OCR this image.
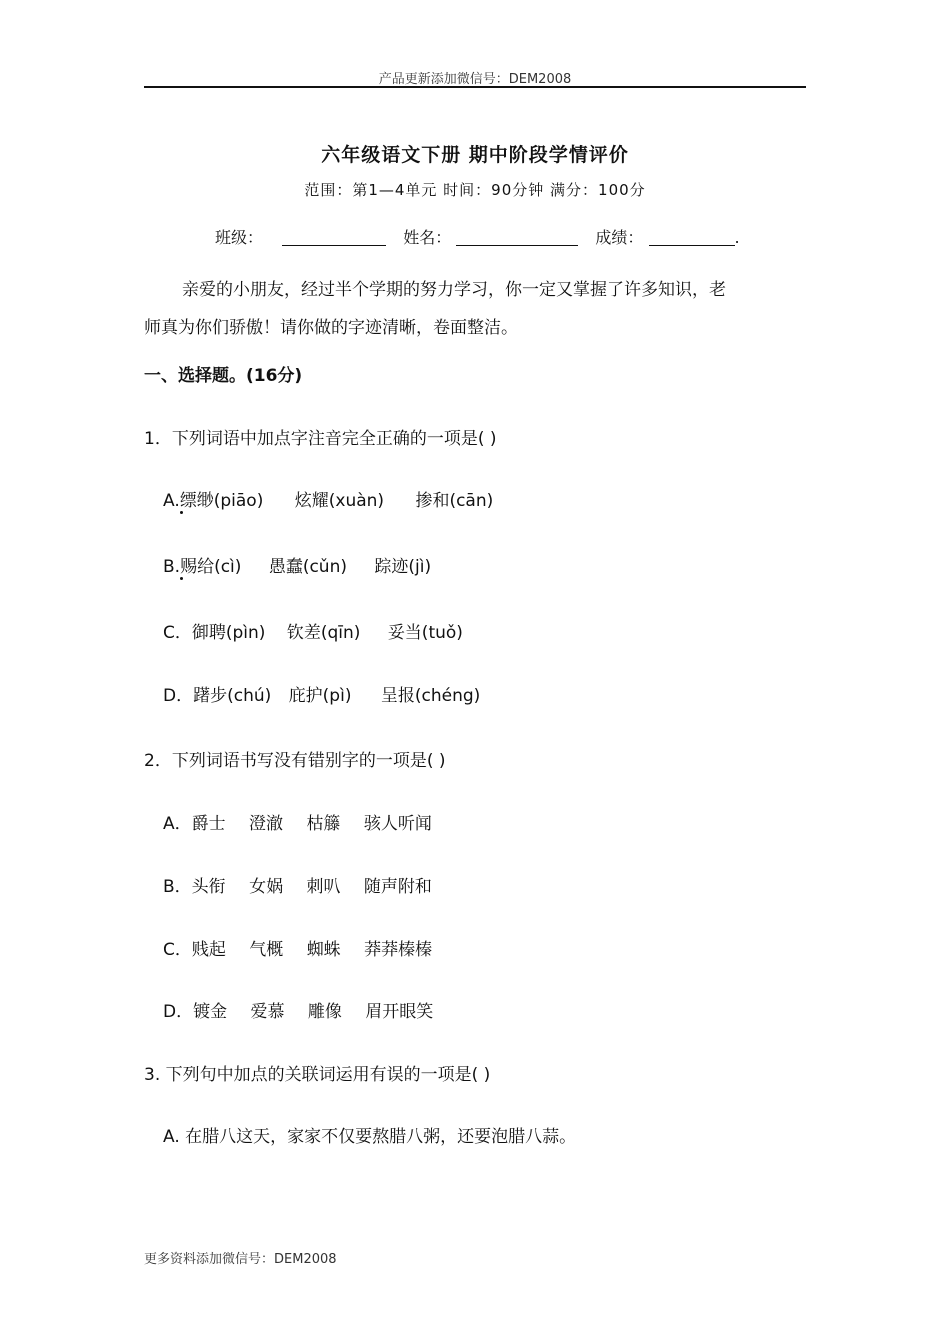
产品更新添加微信号：DEM2008
六年级语文下册 期中阶段学情评价
范围：第1—4单元 时间：90分钟 满分：100分
班级：	姓名：	成绩：	.
亲爱的小朋友，经过半个学期的努力学习，你一定又掌握了许多知识，老
师真为你们骄傲！请你做的字迹清晰，卷面整洁。
一、选择题。(16分)
1．下列词语中加点字注音完全正确的一项是( )
A.缥缈(piāo) 炫耀(xuàn) 掺和(cān)
B.赐给(cì) 愚蠢(cǔn) 踪迹(jì)
C．御聘(pìn) 钦差(qīn) 妥当(tuǒ)
D．躇步(chú) 庇护(pì) 呈报(chéng)
2．下列词语书写没有错别字的一项是( )
A．爵士 澄澈 枯籐 骇人听闻
B．头衔 女娲 刺叭 随声附和
C．贱起 气概 蜘蛛 莽莽榛榛
D．镀金 爱慕 雕像 眉开眼笑
3. 下列句中加点的关联词运用有误的一项是( )
A. 在腊八这天，家家不仅要熬腊八粥，还要泡腊八蒜。
更多资料添加微信号：DEM2008
